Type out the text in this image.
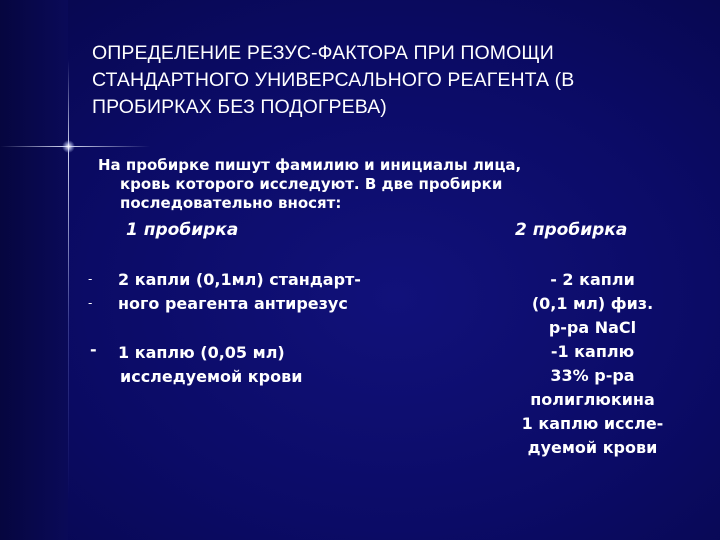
ОПРЕДЕЛЕНИЕ РЕЗУС-ФАКТОРА ПРИ ПОМОЩИ
СТАНДАРТНОГО УНИВЕРСАЛЬНОГО РЕАГЕНТА (В
ПРОБИРКАХ БЕЗ ПОДОГРЕВА)
На пробирке пишут фамилию и инициалы лица,
кровь которого исследуют. В две пробирки
последовательно вносят:
1 пробирка	2 пробирка
-
-
2 капли (0,1мл) стандарт-
ного реагента антирезус
- 1 каплю (0,05 мл)
исследуемой крови
- 2 капли
(0,1 мл) физ.
р-ра NaCl
-1 каплю
33% р-ра
полиглюкина
1 каплю иссле-
дуемой крови
